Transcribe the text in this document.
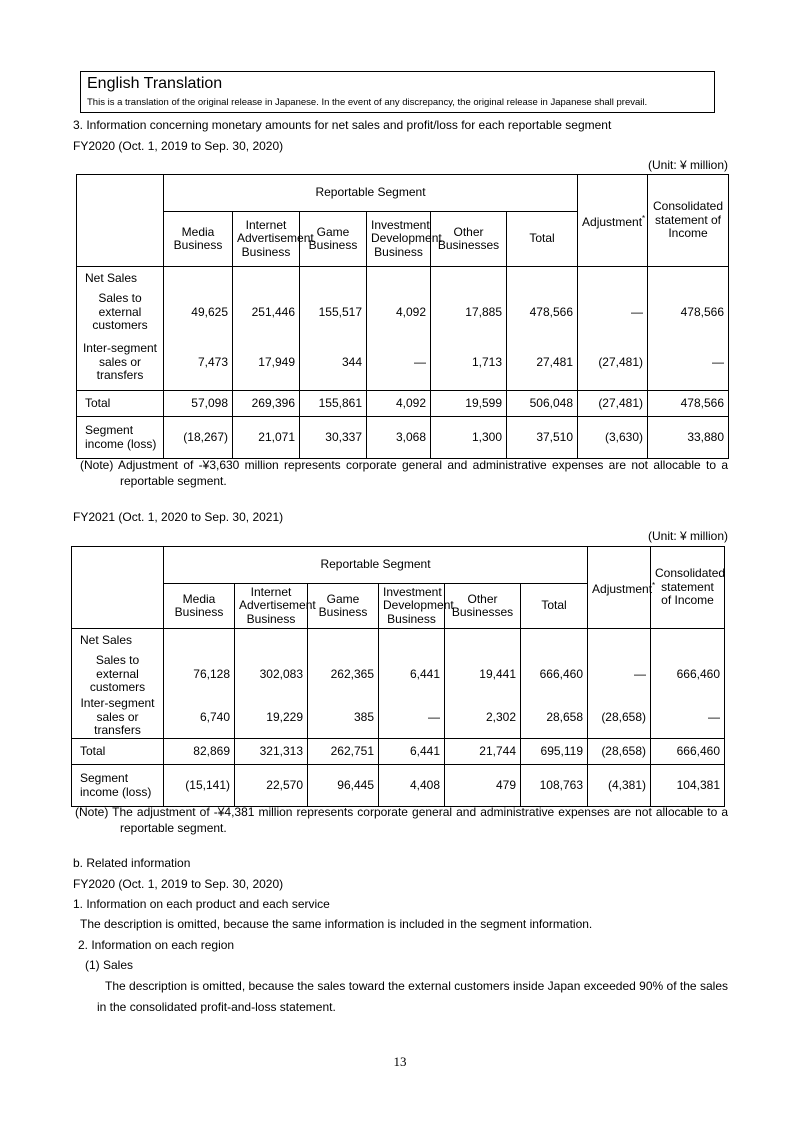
English Translation
This is a translation of the original release in Japanese. In the event of any discrepancy, the original release in Japanese shall prevail.
3. Information concerning monetary amounts for net sales and profit/loss for each reportable segment
FY2020 (Oct. 1, 2019 to Sep. 30, 2020)
(Unit: ¥ million)
	Reportable Segment						Adjustment*	Consolidated statement of Income
	Media Business	Internet Advertisement Business	Game Business	Investment Development Business	Other Businesses	Total		
Net Sales								
Sales to external customers	49,625	251,446	155,517	4,092	17,885	478,566	—	478,566
Inter-segment sales or transfers	7,473	17,949	344	—	1,713	27,481	(27,481)	—
Total	57,098	269,396	155,861	4,092	19,599	506,048	(27,481)	478,566
Segment income (loss)	(18,267)	21,071	30,337	3,068	1,300	37,510	(3,630)	33,880
(Note) Adjustment of -¥3,630 million represents corporate general and administrative expenses are not allocable to a reportable segment.
FY2021 (Oct. 1, 2020 to Sep. 30, 2021)
(Unit: ¥ million)
	Reportable Segment						Adjustment*	Consolidated statement of Income
	Media Business	Internet Advertisement Business	Game Business	Investment Development Business	Other Businesses	Total		
Net Sales								
Sales to external customers	76,128	302,083	262,365	6,441	19,441	666,460	—	666,460
Inter-segment sales or transfers	6,740	19,229	385	—	2,302	28,658	(28,658)	—
Total	82,869	321,313	262,751	6,441	21,744	695,119	(28,658)	666,460
Segment income (loss)	(15,141)	22,570	96,445	4,408	479	108,763	(4,381)	104,381
(Note) The adjustment of -¥4,381 million represents corporate general and administrative expenses are not allocable to a reportable segment.
b. Related information
FY2020 (Oct. 1, 2019 to Sep. 30, 2020)
1. Information on each product and each service
The description is omitted, because the same information is included in the segment information.
2. Information on each region
(1) Sales
The description is omitted, because the sales toward the external customers inside Japan exceeded 90% of the sales in the consolidated profit-and-loss statement.
13
